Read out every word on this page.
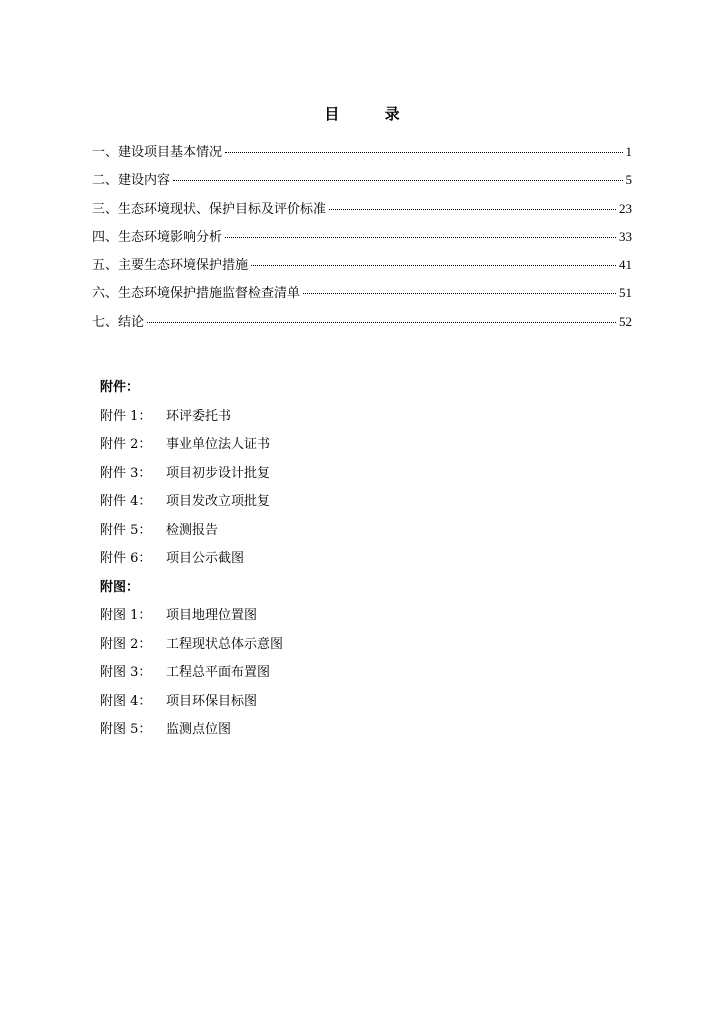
目 录
一、建设项目基本情况	1
二、建设内容	5
三、生态环境现状、保护目标及评价标准	23
四、生态环境影响分析	33
五、主要生态环境保护措施	41
六、生态环境保护措施监督检查清单	51
七、结论	52
附件：
附件 1：	环评委托书
附件 2：	事业单位法人证书
附件 3：	项目初步设计批复
附件 4：	项目发改立项批复
附件 5：	检测报告
附件 6：	项目公示截图
附图：
附图 1：	项目地理位置图
附图 2：	工程现状总体示意图
附图 3：	工程总平面布置图
附图 4：	项目环保目标图
附图 5：	监测点位图
